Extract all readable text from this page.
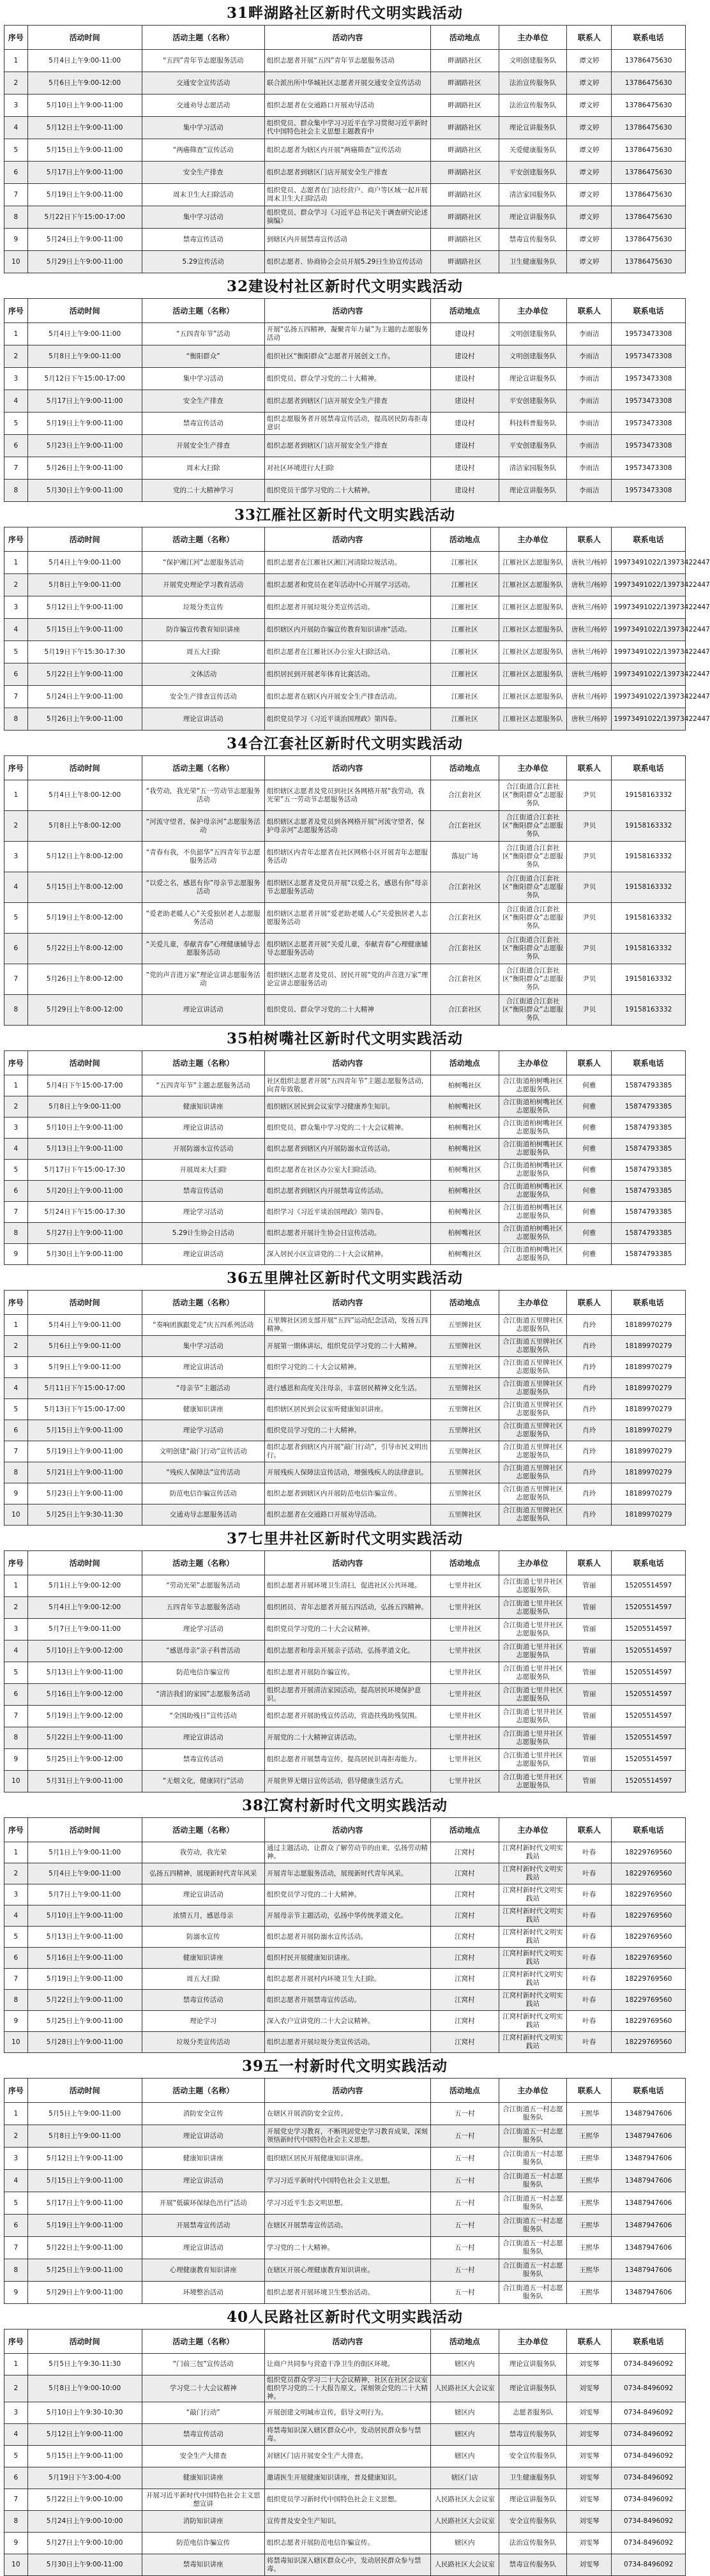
31畔湖路社区新时代文明实践活动
序号	活动时间	活动主题（名称）	活动内容	活动地点	主办单位	联系人	联系电话
1	5月4日上午9:00-11:00	“五四”青年节志愿服务活动	组织志愿者开展“五四”青年节志愿服务活动	畔湖路社区	文明创建服务队	谭文婷	13786475630
2	5月6日上午9:00-12:00	交通安全宣传活动	联合派出所中华城社区志愿者开展交通安全宣传活动	畔湖路社区	法治宣传服务队	谭文婷	13786475630
3	5月10日上午9:00-11:00	交通劝导志愿活动	组织志愿者在交通路口开展劝导活动	畔湖路社区	法治宣传服务队	谭文婷	13786475630
4	5月12日上午9:00-11:00	集中学习活动	组织党员、群众集中学习习近平在学习贯彻习近平新时代中国特色社会主义思想主题教育中	畔湖路社区	理论宣讲服务队	谭文婷	13786475630
5	5月15日上午9:00-11:00	“两癌筛查”宣传活动	组织志愿者为辖区内开展“两癌筛查”宣传活动	畔湖路社区	关爱健康服务队	谭文婷	13786475630
6	5月17日上午9:00-11:00	安全生产排查	组织志愿者到辖区门店开展安全生产排查	畔湖路社区	平安创建服务队	谭文婷	13786475630
7	5月19日上午9:00-11:00	周末卫生大扫除活动	组织党员、志愿者在门店经营户、商户等区域一起开展周末卫生大扫除活动	畔湖路社区	清洁家园服务队	谭文婷	13786475630
8	5月22日下午15:00-17:00	集中学习活动	组织党员、群众学习《习近平总书记关于调查研究论述摘编》	畔湖路社区	理论宣讲服务队	谭文婷	13786475630
9	5月24日上午9:00-11:00	禁毒宣传活动	到辖区内开展禁毒宣传活动	畔湖路社区	禁毒宣传服务队	谭文婷	13786475630
10	5月29日上午9:00-11:00	5.29宣传活动	组织志愿者、协商协会会员开展5.29日生协宣传活动	畔湖路社区	卫生健康服务队	谭文婷	13786475630
32建设村社区新时代文明实践活动
序号	活动时间	活动主题（名称）	活动内容	活动地点	主办单位	联系人	联系电话
1	5月4日上午9:00-11:00	“五四青年节”活动	开展“弘扬五四精神，凝聚青年力量”为主题的志愿服务活动	建设村	文明创建服务队	李雨洁	19573473308
2	5月8日上午9:00-11:00	“衡阳群众”	组织社区“衡阳群众”志愿者开展创文工作。	建设村	文明创建服务队	李雨洁	19573473308
3	5月12日下午15:00-17:00	集中学习活动	组织党员、群众学习党的二十大精神。	建设村	理论宣讲服务队	李雨洁	19573473308
4	5月17日上午9:00-11:00	安全生产排查	组织志愿者到辖区门店开展安全生产排查	建设村	平安创建服务队	李雨洁	19573473308
5	5月19日上午9:00-11:00	禁毒宣传活动	组织志愿服务者开展禁毒宣传活动，提高居民防毒拒毒意识	建设村	科技科普服务队	李雨洁	19573473308
6	5月23日上午9:00-11:00	开展安全生产排查	组织志愿者到辖区门店开展安全生产排查	建设村	平安创建服务队	李雨洁	19573473308
7	5月26日上午9:00-11:00	周末大扫除	对社区环境进行大扫除	建设村	清洁家园服务队	李雨洁	19573473308
8	5月30日上午9:00-11:00	党的二十大精神学习	组织党员干部学习党的二十大精神。	建设村	理论宣讲服务队	李雨洁	19573473308
33江雁社区新时代文明实践活动
序号	活动时间	活动主题（名称）	活动内容	活动地点	主办单位	联系人	联系电话
1	5月4日上午9:00-11:00	“保护湘江河”志愿服务活动	组织志愿者在江雁社区湘江河清除垃圾活动。	江雁社区	江雁社区志愿服务队	唐秋兰/杨婷	19973491022/13973422447
2	5月8日上午9:00-11:00	开展党史理论学习教育活动	组织志愿者和党员在老年活动中心开展学习活动。	江雁社区	江雁社区志愿服务队	唐秋兰/杨婷	19973491022/13973422447
3	5月12日上午9:00-11:00	垃圾分类宣传	组织志愿者开展垃圾分类宣传活动。	江雁社区	江雁社区志愿服务队	唐秋兰/杨婷	19973491022/13973422447
4	5月15日上午9:00-11:00	防诈骗宣传教育知识讲座	组织辖区内开展防诈骗宣传教育知识讲座“活动。	江雁社区	江雁社区志愿服务队	唐秋兰/杨婷	19973491022/13973422447
5	5月19日下午15:30-17:30	周五大扫除	组织志愿者在江雁社区办公室大扫除活动。	江雁社区	江雁社区志愿服务队	唐秋兰/杨婷	19973491022/13973422447
6	5月22日上午9:00-11:00	文体活动	组织居民到开展老年体育比赛活动。	江雁社区	江雁社区志愿服务队	唐秋兰/杨婷	19973491022/13973422447
7	5月24日上午9:00-11:00	安全生产排查宣传活动	组织志愿者在辖区内开展安全生产排查活动。	江雁社区	江雁社区志愿服务队	唐秋兰/杨婷	19973491022/13973422447
8	5月26日上午9:00-11:00	理论宣讲活动	组织党员学习《习近平谈治国理政》第四卷。	江雁社区	江雁社区志愿服务队	唐秋兰/杨婷	19973491022/13973422447
34合江套社区新时代文明实践活动
序号	活动时间	活动主题（名称）	活动内容	活动地点	主办单位	联系人	联系电话
1	5月4日上午8:00-12:00	“我劳动，我光荣”五一劳动节志愿服务活动	组织辖区志愿者及党员到社区各网格开展“我劳动，我光荣”五一劳动节志愿服务活动	合江套社区	合江街道合江套社区“衡阳群众”志愿服务队	尹贝	19158163332
2	5月8日上午8:00-12:00	“河流守望者，保护母亲河”志愿服务活动	组织辖区志愿者及党员到各网格开展“河流守望者，保护母亲河”志愿服务活动	合江套社区	合江街道合江套社区“衡阳群众”志愿服务队	尹贝	19158163332
3	5月12日上午8:00-12:00	“青春有我，不负韶华”五四青年节志愿服务活动	组织辖区内青年志愿者在社区网格小区开展青年志愿服务活动	落辰广场	合江街道合江套社区“衡阳群众”志愿服务队	尹贝	19158163332
4	5月15日上午8:00-12:00	“以爱之名，感恩有你”母亲节志愿服务活动	组织辖区志愿者及党员开展“以爱之名，感恩有你”母亲节志愿服务活动	合江套社区	合江街道合江套社区“衡阳群众”志愿服务队	尹贝	19158163332
5	5月19日上午8:00-12:00	“爱老助老暖人心”关爱独居老人志愿服务活动	组织辖区志愿者开展“爱老助老暖人心”关爱独居老人志愿服务活动	合江套社区	合江街道合江套社区“衡阳群众”志愿服务队	尹贝	19158163332
6	5月22日上午8:00-12:00	“关爱儿童，奉献青春”心理健康辅导志愿服务活动	组织辖区志愿者开展“关爱儿童，奉献青春”心理健康辅导志愿服务活动	合江套社区	合江街道合江套社区“衡阳群众”志愿服务队	尹贝	19158163332
7	5月26日上午8:00-12:00	“党的声音进万家”理论宣讲志愿服务活动	组织辖区志愿者及党员、居民开展“党的声音进万家”理论宣讲志愿服务活动	合江套社区	合江街道合江套社区“衡阳群众”志愿服务队	尹贝	19158163332
8	5月29日上午8:00-12:00	理论宣讲活动	组织党员、群众学习党的二十大精神	合江套社区	合江街道合江套社区“衡阳群众”志愿服务队	尹贝	19158163332
35柏树嘴社区新时代文明实践活动
序号	活动时间	活动主题（名称）	活动内容	活动地点	主办单位	联系人	联系电话
1	5月4日下午15:00-17:00	“五四青年节”主题志愿服务活动	社区组织志愿者开展“五四青年节”主题志愿服务活动，向青年致敬。	柏树嘴社区	合江街道柏树嘴社区志愿服务队	何雅	15874793385
2	5月8日上午9:00-11:00	健康知识讲座	组织辖区居民到会议室学习健康养生知识。	柏树嘴社区	合江街道柏树嘴社区志愿服务队	何雅	15874793385
3	5月10日上午9:00-11:00	理论宣讲活动	组织党员、群众集中学习党的二十大会议精神。	柏树嘴社区	合江街道柏树嘴社区志愿服务队	何雅	15874793385
4	5月13日上午9:00-11:00	开展防溺水宣传活动	组织志愿者到辖区内开展防溺水宣传活动。	柏树嘴社区	合江街道柏树嘴社区志愿服务队	何雅	15874793385
5	5月17日下午15:00-17:30	开展周末大扫除	组织志愿者在社区办公室大扫除活动。	柏树嘴社区	合江街道柏树嘴社区志愿服务队	何雅	15874793385
6	5月20日上午9:00-11:00	禁毒宣传活动	组织志愿者到辖区内开展禁毒宣传活动。	柏树嘴社区	合江街道柏树嘴社区志愿服务队	何雅	15874793385
7	5月24日下午15:00-17:30	理论学习活动	组织学习《习近平谈治国理政》第四卷。	柏树嘴社区	合江街道柏树嘴社区志愿服务队	何雅	15874793385
8	5月27日上午9:00-11:00	5.29计生协会日活动	组织志愿者开展计生协会日宣传活动。	柏树嘴社区	合江街道柏树嘴社区志愿服务队	何雅	15874793385
9	5月30日上午9:00-11:00	理论宣讲活动	深入居民小区宣讲党的二十大会议精神。	柏树嘴社区	合江街道柏树嘴社区志愿服务队	何雅	15874793385
36五里牌社区新时代文明实践活动
序号	活动时间	活动主题（名称）	活动内容	活动地点	主办单位	联系人	联系电话
1	5月4日上午9:00-11:00	“奏响团旗跟党走”庆五四系列活动	五里牌社区团支部开展“五四”运动纪念活动，发扬五四精神。	五里牌社区	合江街道五里牌社区志愿服务队	肖玲	18189970279
2	5月6日上午9:00-11:00	集中学习活动	开展第一期体讲坛，组织党员学习党的二十大精神。	五里牌社区	合江街道五里牌社区志愿服务队	肖玲	18189970279
3	5月9日上午9:00-11:00	理论宣讲活动	组织学习党的二十大会议精神。	五里牌社区	合江街道五里牌社区志愿服务队	肖玲	18189970279
4	5月11日下午15:00-17:00	“母亲节”主题活动	进行感恩和高度关注母亲，丰富居民精神文化生活。	五里牌社区	合江街道五里牌社区志愿服务队	肖玲	18189970279
5	5月13日下午15:00-17:00	健康知识讲座	组织辖区居民到会议室听健康知识讲座。	五里牌社区	合江街道五里牌社区志愿服务队	肖玲	18189970279
6	5月15日上午9:00-11:00	理论学习活动	组织党员学习党的二十大精神。	五里牌社区	合江街道五里牌社区志愿服务队	肖玲	18189970279
7	5月19日上午9:00-11:00	文明创建“敲门行动”宣传活动	组织志愿者到辖区内开展“敲门行动”，引导市民文明出行。	五里牌社区	合江街道五里牌社区志愿服务队	肖玲	18189970279
8	5月21日上午9:00-11:00	“残疾人保障法”宣传活动	开展残疾人保障法宣传活动，增强残疾人的法律意识。	五里牌社区	合江街道五里牌社区志愿服务队	肖玲	18189970279
9	5月23日上午9:00-11:00	防范电信诈骗宣传活动	组织志愿者到辖区内开展防范电信诈骗宣传。	五里牌社区	合江街道五里牌社区志愿服务队	肖玲	18189970279
10	5月25日上午9:30-11:30	交通劝导志愿服务活动	组织志愿者在交通路口开展劝导活动。	五里牌社区	合江街道五里牌社区志愿服务队	肖玲	18189970279
37七里井社区新时代文明实践活动
序号	活动时间	活动主题（名称）	活动内容	活动地点	主办单位	联系人	联系电话
1	5月1日上午9:00-12:00	“劳动光荣”志愿服务活动	组织志愿者开展环境卫生清扫，促进社区公共环境。	七里井社区	合江街道七里井社区志愿服务队	管丽	15205514597
2	5月4日上午9:00-12:00	五四青年节志愿服务活动	组织团员、青年志愿者开展五四活动，弘扬五四精神。	七里井社区	合江街道七里井社区志愿服务队	管丽	15205514597
3	5月7日上午9:00-11:00	理论学习活动	组织党员学习党的二十大会议精神。	七里井社区	合江街道七里井社区志愿服务队	管丽	15205514597
4	5月10日上午9:00-12:00	“感恩母亲”亲子科普活动	组织志愿者和母亲开展亲子活动，弘扬孝道文化。	七里井社区	合江街道七里井社区志愿服务队	管丽	15205514597
5	5月13日上午9:00-11:00	防范电信诈骗宣传	组织志愿者开展防诈骗宣传。	七里井社区	合江街道七里井社区志愿服务队	管丽	15205514597
6	5月16日上午9:00-12:00	“清洁我们的家园”志愿服务活动	组织志愿者开展清洁家园活动，提高居民环境保护意识。	七里井社区	合江街道七里井社区志愿服务队	管丽	15205514597
7	5月19日上午9:00-12:00	“全国助残日”宣传活动	组织志愿者开展助残宣传活动，营造扶残助残氛围。	七里井社区	合江街道七里井社区志愿服务队	管丽	15205514597
8	5月22日上午9:00-11:00	理论宣讲活动	开展党的二十大精神宣讲活动。	七里井社区	合江街道七里井社区志愿服务队	管丽	15205514597
9	5月25日上午9:00-12:00	禁毒宣传活动	组织志愿者开展禁毒宣传，提高居民识毒拒毒能力。	七里井社区	合江街道七里井社区志愿服务队	管丽	15205514597
10	5月31日上午9:00-11:00	“无烟文化，健康同行”活动	开展世界无烟日宣传活动，倡导健康生活方式。	七里井社区	合江街道七里井社区志愿服务队	管丽	15205514597
38江窝村新时代文明实践活动
序号	活动时间	活动主题（名称）	活动内容	活动地点	主办单位	联系人	联系电话
1	5月1日上午9:00-11:00	我劳动，我光荣	通过主题活动，让群众了解劳动节的由来，弘扬劳动精神。	江窝村	江窝村新时代文明实践站	叶春	18229769560
2	5月4日上午9:00-11:00	弘扬五四精神，展现新时代青年风采	开展青年志愿服务活动，展现新时代青年风采。	江窝村	江窝村新时代文明实践站	叶春	18229769560
3	5月7日上午9:00-11:00	理论宣讲活动	组织党员学习党的二十大精神。	江窝村	江窝村新时代文明实践站	叶春	18229769560
4	5月10日上午9:00-11:00	浓情五月，感恩母亲	开展母亲节主题活动，弘扬中华传统孝道文化。	江窝村	江窝村新时代文明实践站	叶春	18229769560
5	5月13日上午9:00-11:00	防溺水宣传	组织志愿者开展防溺水宣传活动。	江窝村	江窝村新时代文明实践站	叶春	18229769560
6	5月16日上午9:00-11:00	健康知识讲座	组织村民开展健康知识讲座。	江窝村	江窝村新时代文明实践站	叶春	18229769560
7	5月19日上午9:00-11:00	周五大扫除	组织志愿者开展村内环境卫生大扫除。	江窝村	江窝村新时代文明实践站	叶春	18229769560
8	5月22日上午9:00-11:00	禁毒宣传活动	组织志愿者开展禁毒宣传活动。	江窝村	江窝村新时代文明实践站	叶春	18229769560
9	5月25日上午9:00-11:00	理论学习	深入农户宣讲党的二十大会议精神。	江窝村	江窝村新时代文明实践站	叶春	18229769560
10	5月28日上午9:00-11:00	垃圾分类宣传活动	组织志愿者开展垃圾分类宣传活动。	江窝村	江窝村新时代文明实践站	叶春	18229769560
39五一村新时代文明实践活动
序号	活动时间	活动主题（名称）	活动内容	活动地点	主办单位	联系人	联系电话
1	5月5日上午9:00-11:00	消防安全宣传	在辖区开展消防安全宣传。	五一村	合江街道五一村志愿服务队	王熙华	13487947606
2	5月8日上午9:00-11:00	理论宣讲活动	开展党史学习教育，不断巩固党史学习教育成果，深刻领悟新时代中国特色社会主义思想。	五一村	合江街道五一村志愿服务队	王熙华	13487947606
3	5月12日上午9:00-11:00	健康知识讲座	组织辖区居民开展健康知识讲座。	五一村	合江街道五一村志愿服务队	王熙华	13487947606
4	5月15日上午9:00-11:00	理论宣讲活动	学习习近平新时代中国特色社会主义思想。	五一村	合江街道五一村志愿服务队	王熙华	13487947606
5	5月17日上午9:00-11:00	开展“低碳环保绿色出行”活动	学习习近平生态文明思想。	五一村	合江街道五一村志愿服务队	王熙华	13487947606
6	5月19日上午9:00-11:00	开展禁毒宣传活动	在辖区开展禁毒宣传活动。	五一村	合江街道五一村志愿服务队	王熙华	13487947606
7	5月22日上午9:00-11:00	理论宣讲活动	学习党的二十大精神。	五一村	合江街道五一村志愿服务队	王熙华	13487947606
8	5月25日上午9:00-11:00	心理健康教育知识讲座	在辖区开展心理健康教育知识讲座。	五一村	合江街道五一村志愿服务队	王熙华	13487947606
9	5月29日上午9:00-11:00	环境整治活动	组织志愿者开展环境卫生整治活动。	五一村	合江街道五一村志愿服务队	王熙华	13487947606
40人民路社区新时代文明实践活动
序号	活动时间	活动主题（名称）	活动内容	活动地点	主办单位	联系人	联系电话
1	5月5日上午9:30-11:30	“门前三包”宣传活动	让商户共同参与营造干净卫生的街区环境。	辖区内	理论宣讲服务队	刘雯琴	0734-8496092
2	5月8日上午9:00-10:00	学习党二十大会议精神	组织党员群众学习二十大会议精神，社区在社区会议室组织学习党的二十大报告原文，深刻领会党的二十大精神。	人民路社区大会议室	理论宣讲服务队	刘雯琴	0734-8496092
3	5月10日上午9:30-10:30	“敲门行动”	开展创建文明城市宣传，倡导文明行为。	辖区内	志愿者服务队	刘雯琴	0734-8496092
4	5月12日上午9:00-11:00	禁毒宣传活动	将禁毒知识深入辖区群众心中，发动居民群众参与禁毒。	辖区内	禁毒宣传服务队	刘雯琴	0734-8496092
5	5月15日上午9:00-11:00	安全生产大排查	对辖区门店开展安全生产大排查。	辖区内	安全宣传服务队	刘雯琴	0734-8496092
6	5月19日下午3:00-4:00	健康知识讲座	邀请医生开展健康知识讲座，普及健康知识。	辖区门店	卫生健康服务队	刘雯琴	0734-8496092
7	5月22日上午9:00-10:00	开展习近平新时代中国特色社会主义思想宣讲	组织党员学习新时代中国特色社会主义思想。	人民路社区大会议室	理论宣讲服务队	刘雯琴	0734-8496092
8	5月24日上午9:00-10:00	消防知识讲座	宣传普及安全生产知识。	人民路社区大会议室	安全宣传服务队	刘雯琴	0734-8496092
9	5月27日上午9:00-10:00	防范电信诈骗宣传	组织志愿者开展防范电信诈骗宣传。	辖区内	法治宣传服务队	刘雯琴	0734-8496092
10	5月30日上午9:00-11:00	禁毒知识讲座	将禁毒知识深入辖区群众心中，发动居民群众参与禁毒。	人民路社区大会议室	禁毒宣传服务队	刘雯琴	0734-8496092
